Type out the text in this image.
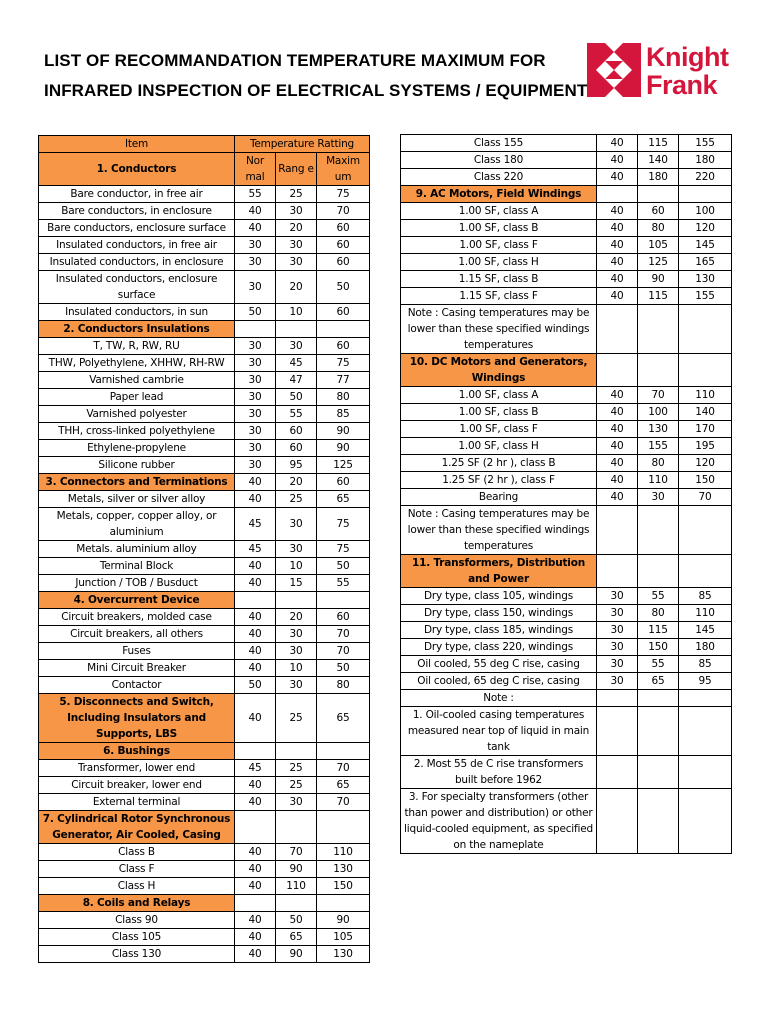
LIST OF RECOMMANDATION TEMPERATURE MAXIMUM FOR
INFRARED INSPECTION OF ELECTRICAL SYSTEMS / EQUIPMENT
Knight
Frank
Item	Temperature Ratting		
1. Conductors	Nor mal	Rang e	Maxim um
Bare conductor, in free air	55	25	75
Bare conductors, in enclosure	40	30	70
Bare conductors, enclosure surface	40	20	60
Insulated conductors, in free air	30	30	60
Insulated conductors, in enclosure	30	30	60
Insulated conductors, enclosure surface	30	20	50
Insulated conductors, in sun	50	10	60
2. Conductors Insulations			
T, TW, R, RW, RU	30	30	60
THW, Polyethylene, XHHW, RH-RW	30	45	75
Varnished cambrie	30	47	77
Paper lead	30	50	80
Varnished polyester	30	55	85
THH, cross-linked polyethylene	30	60	90
Ethylene-propylene	30	60	90
Silicone rubber	30	95	125
3. Connectors and Terminations	40	20	60
Metals, silver or silver alloy	40	25	65
Metals, copper, copper alloy, or aluminium	45	30	75
Metals. aluminium alloy	45	30	75
Terminal Block	40	10	50
Junction / TOB / Busduct	40	15	55
4. Overcurrent Device			
Circuit breakers, molded case	40	20	60
Circuit breakers, all others	40	30	70
Fuses	40	30	70
Mini Circuit Breaker	40	10	50
Contactor	50	30	80
5. Disconnects and Switch, Including Insulators and Supports, LBS	40	25	65
6. Bushings			
Transformer, lower end	45	25	70
Circuit breaker, lower end	40	25	65
External terminal	40	30	70
7. Cylindrical Rotor Synchronous Generator, Air Cooled, Casing			
Class B	40	70	110
Class F	40	90	130
Class H	40	110	150
8. Coils and Relays			
Class 90	40	50	90
Class 105	40	65	105
Class 130	40	90	130
Class 155	40	115	155
Class 180	40	140	180
Class 220	40	180	220
9. AC Motors, Field Windings			
1.00 SF, class A	40	60	100
1.00 SF, class B	40	80	120
1.00 SF, class F	40	105	145
1.00 SF, class H	40	125	165
1.15 SF, class B	40	90	130
1.15 SF, class F	40	115	155
Note : Casing temperatures may be lower than these specified windings temperatures			
10. DC Motors and Generators, Windings			
1.00 SF, class A	40	70	110
1.00 SF, class B	40	100	140
1.00 SF, class F	40	130	170
1.00 SF, class H	40	155	195
1.25 SF (2 hr ), class B	40	80	120
1.25 SF (2 hr ), class F	40	110	150
Bearing	40	30	70
Note : Casing temperatures may be lower than these specified windings temperatures			
11. Transformers, Distribution and Power			
Dry type, class 105, windings	30	55	85
Dry type, class 150, windings	30	80	110
Dry type, class 185, windings	30	115	145
Dry type, class 220, windings	30	150	180
Oil cooled, 55 deg C rise, casing	30	55	85
Oil cooled, 65 deg C rise, casing	30	65	95
Note :			
1. Oil-cooled casing temperatures measured near top of liquid in main tank			
2. Most 55 de C rise transformers built before 1962			
3. For specialty transformers (other than power and distribution) or other liquid-cooled equipment, as specified on the nameplate			
